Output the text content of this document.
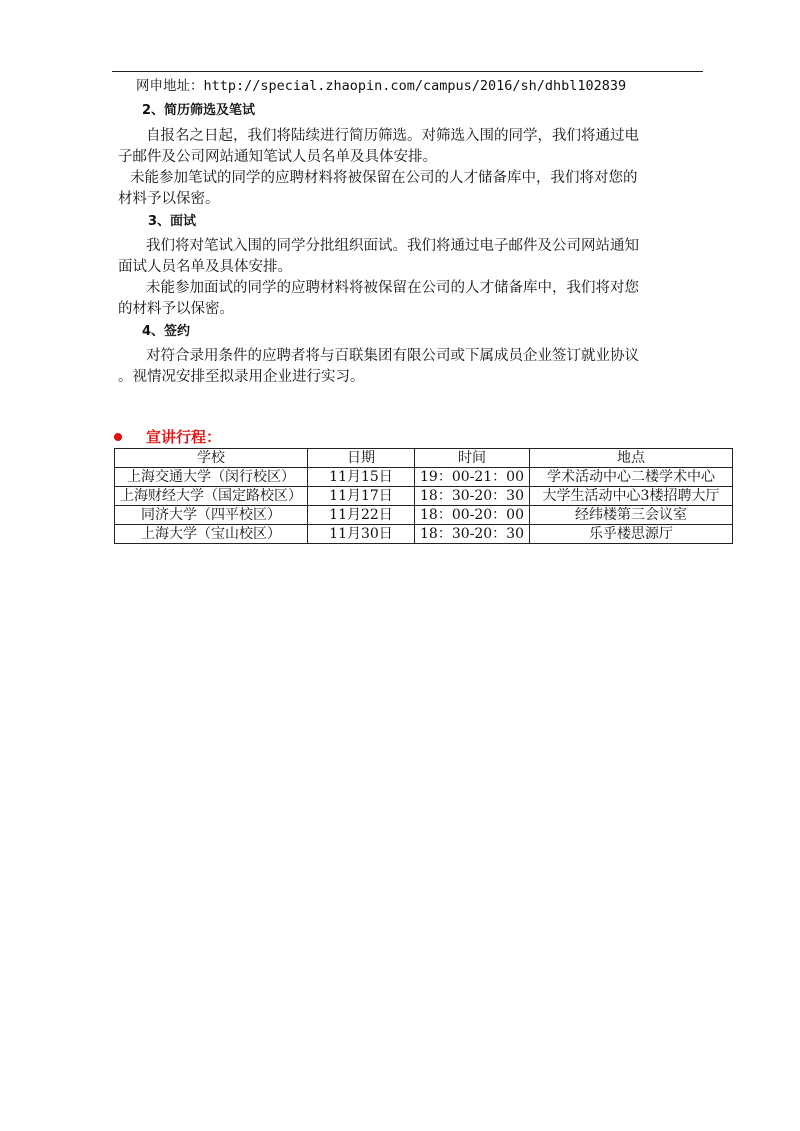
网申地址：http://special.zhaopin.com/campus/2016/sh/dhbl102839
2、简历筛选及笔试
自报名之日起，我们将陆续进行简历筛选。对筛选入围的同学，我们将通过电
子邮件及公司网站通知笔试人员名单及具体安排。
未能参加笔试的同学的应聘材料将被保留在公司的人才储备库中，我们将对您的
材料予以保密。
3、面试
我们将对笔试入围的同学分批组织面试。我们将通过电子邮件及公司网站通知
面试人员名单及具体安排。
未能参加面试的同学的应聘材料将被保留在公司的人才储备库中，我们将对您
的材料予以保密。
4、签约
对符合录用条件的应聘者将与百联集团有限公司或下属成员企业签订就业协议
。视情况安排至拟录用企业进行实习。
宣讲行程：
学校	日期	时间	地点
上海交通大学（闵行校区）	11月15日	19：00-21：00	学术活动中心二楼学术中心
上海财经大学（国定路校区）	11月17日	18：30-20：30	大学生活动中心3楼招聘大厅
同济大学（四平校区）	11月22日	18：00-20：00	经纬楼第三会议室
上海大学（宝山校区）	11月30日	18：30-20：30	乐乎楼思源厅
